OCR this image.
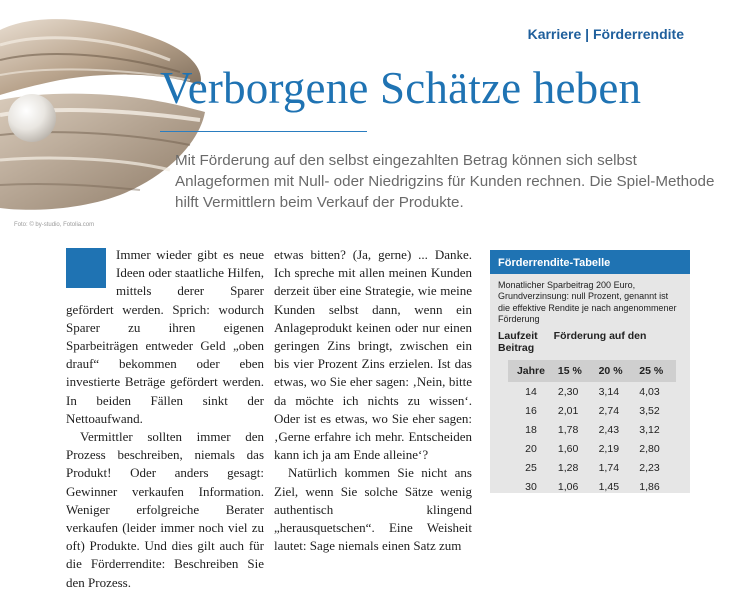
Foto: © by-studio, Fotolia.com
Karriere | Förderrendite
Verborgene Schätze heben
Mit Förderung auf den selbst eingezahlten Betrag können sich selbst Anlageformen mit Null- oder Niedrigzins für Kunden rechnen. Die Spiel-Methode hilft Vermittlern beim Verkauf der Produkte.

Immer wieder gibt es neue Ideen oder staatliche Hilfen, mittels derer Sparer gefördert werden. Sprich: wodurch Sparer zu ihren eigenen Sparbeiträgen entweder Geld „oben drauf“ bekommen oder eben investierte Beträge gefördert werden. In beiden Fällen sinkt der Nettoaufwand.

Vermittler sollten immer den Prozess beschreiben, niemals das Produkt! Oder anders gesagt: Gewinner verkaufen Information. Weniger erfolgreiche Berater verkaufen (leider immer noch viel zu oft) Produkte. Und dies gilt auch für die Förderrendite: Beschreiben Sie den Prozess.

etwas bitten? (Ja, gerne) ... Danke. Ich spreche mit allen meinen Kunden derzeit über eine Strategie, wie meine Kunden selbst dann, wenn ein Anlageprodukt keinen oder nur einen geringen Zins bringt, zwischen ein bis vier Prozent Zins erzielen. Ist das etwas, wo Sie eher sagen: ‚Nein, bitte da möchte ich nichts zu wissen‘. Oder ist es etwas, wo Sie eher sagen: ‚Gerne erfahre ich mehr. Entscheiden kann ich ja am Ende alleine‘?

Natürlich kommen Sie nicht ans Ziel, wenn Sie solche Sätze wenig authentisch klingend „herausquetschen“. Eine Weisheit lautet: Sage niemals einen Satz zum

Förderrendite-Tabelle
Monatlicher Sparbeitrag 200 Euro, Grundverzinsung: null Prozent, genannt ist die effektive Rendite je nach angenommener Förderung
Laufzeit Förderung auf den Beitrag
Jahre	15 %	20 %	25 %
14	2,30	3,14	4,03
16	2,01	2,74	3,52
18	1,78	2,43	3,12
20	1,60	2,19	2,80
25	1,28	1,74	2,23
30	1,06	1,45	1,86
